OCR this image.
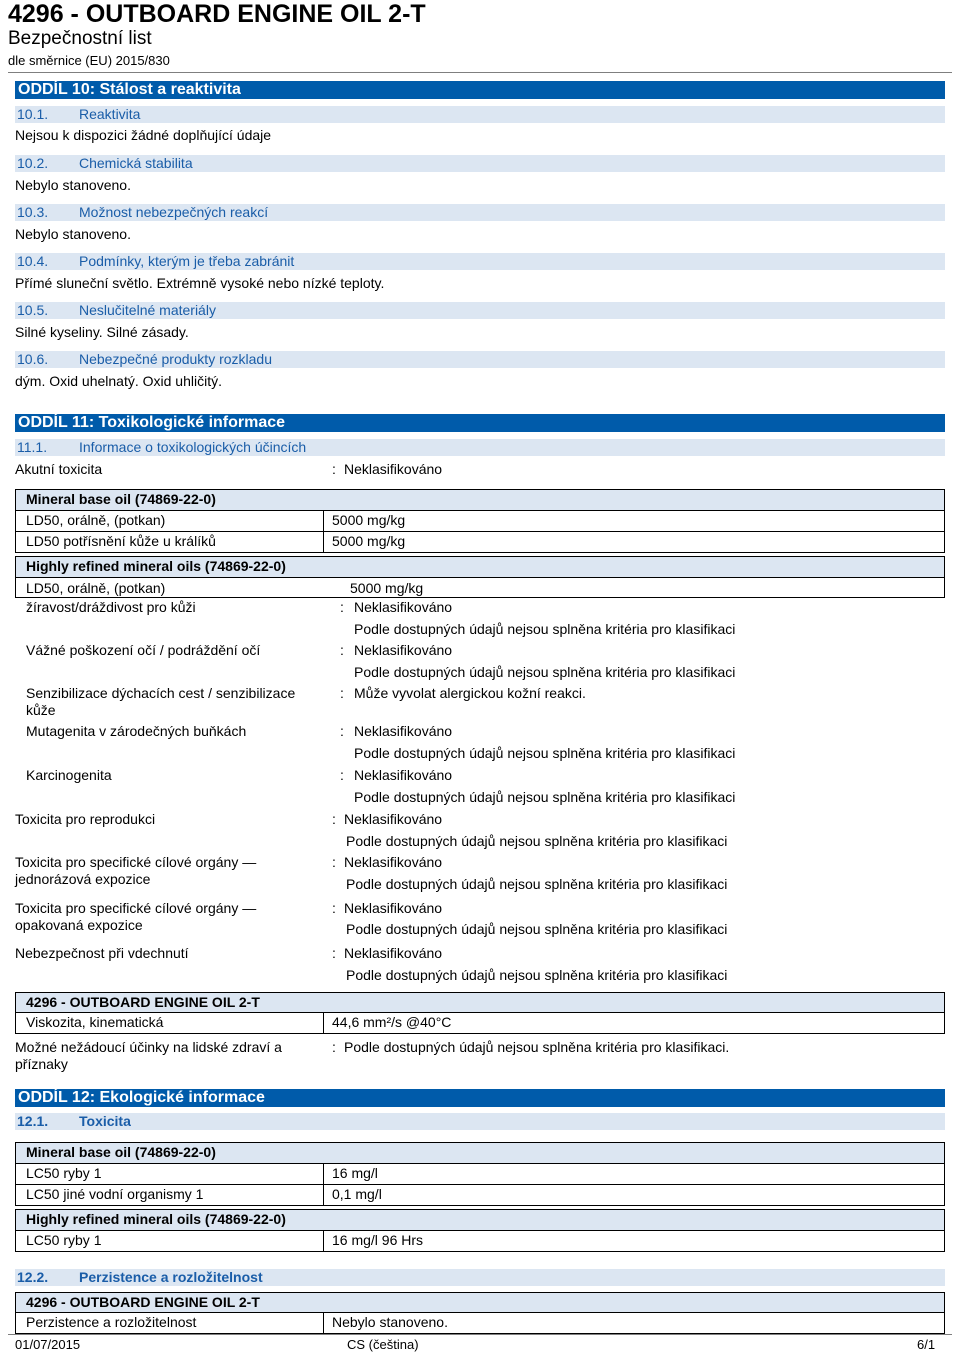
4296 - OUTBOARD ENGINE OIL 2-T
Bezpečnostní list
dle směrnice (EU) 2015/830
ODDÍL 10: Stálost a reaktivita
10.1. Reaktivita
Nejsou k dispozici žádné doplňující údaje
10.2. Chemická stabilita
Nebylo stanoveno.
10.3. Možnost nebezpečných reakcí
Nebylo stanoveno.
10.4. Podmínky, kterým je třeba zabránit
Přímé sluneční světlo. Extrémně vysoké nebo nízké teploty.
10.5. Neslučitelné materiály
Silné kyseliny. Silné zásady.
10.6. Nebezpečné produkty rozkladu
dým. Oxid uhelnatý. Oxid uhličitý.
ODDÍL 11: Toxikologické informace
11.1. Informace o toxikologických účincích
Akutní toxicita	: Neklasifikováno
Mineral base oil (74869-22-0)
LD50, orálně, (potkan)	5000 mg/kg
LD50 potřísnění kůže u králíků	5000 mg/kg
Highly refined mineral oils (74869-22-0)
LD50, orálně, (potkan)	5000 mg/kg
žíravost/dráždivost pro kůži	: Neklasifikováno
Podle dostupných údajů nejsou splněna kritéria pro klasifikaci
Vážné poškození očí / podráždění očí	: Neklasifikováno
Podle dostupných údajů nejsou splněna kritéria pro klasifikaci
Senzibilizace dýchacích cest / senzibilizace kůže
: Může vyvolat alergickou kožní reakci.
Mutagenita v zárodečných buňkách	: Neklasifikováno
Podle dostupných údajů nejsou splněna kritéria pro klasifikaci
Karcinogenita	: Neklasifikováno
Podle dostupných údajů nejsou splněna kritéria pro klasifikaci
Toxicita pro reprodukci	: Neklasifikováno
Podle dostupných údajů nejsou splněna kritéria pro klasifikaci
Toxicita pro specifické cílové orgány — jednorázová expozice
: Neklasifikováno
Podle dostupných údajů nejsou splněna kritéria pro klasifikaci
Toxicita pro specifické cílové orgány — opakovaná expozice
: Neklasifikováno
Podle dostupných údajů nejsou splněna kritéria pro klasifikaci
Nebezpečnost při vdechnutí	: Neklasifikováno
Podle dostupných údajů nejsou splněna kritéria pro klasifikaci
4296 - OUTBOARD ENGINE OIL 2-T
Viskozita, kinematická	44,6 mm²/s @40°C
Možné nežádoucí účinky na lidské zdraví a příznaky
: Podle dostupných údajů nejsou splněna kritéria pro klasifikaci.
ODDÍL 12: Ekologické informace
12.1. Toxicita
Mineral base oil (74869-22-0)
LC50 ryby 1	16 mg/l
LC50 jiné vodní organismy 1	0,1 mg/l
Highly refined mineral oils (74869-22-0)
LC50 ryby 1	16 mg/l 96 Hrs
12.2. Perzistence a rozložitelnost
4296 - OUTBOARD ENGINE OIL 2-T
Perzistence a rozložitelnost	Nebylo stanoveno.
01/07/2015	CS (čeština)	6/1
